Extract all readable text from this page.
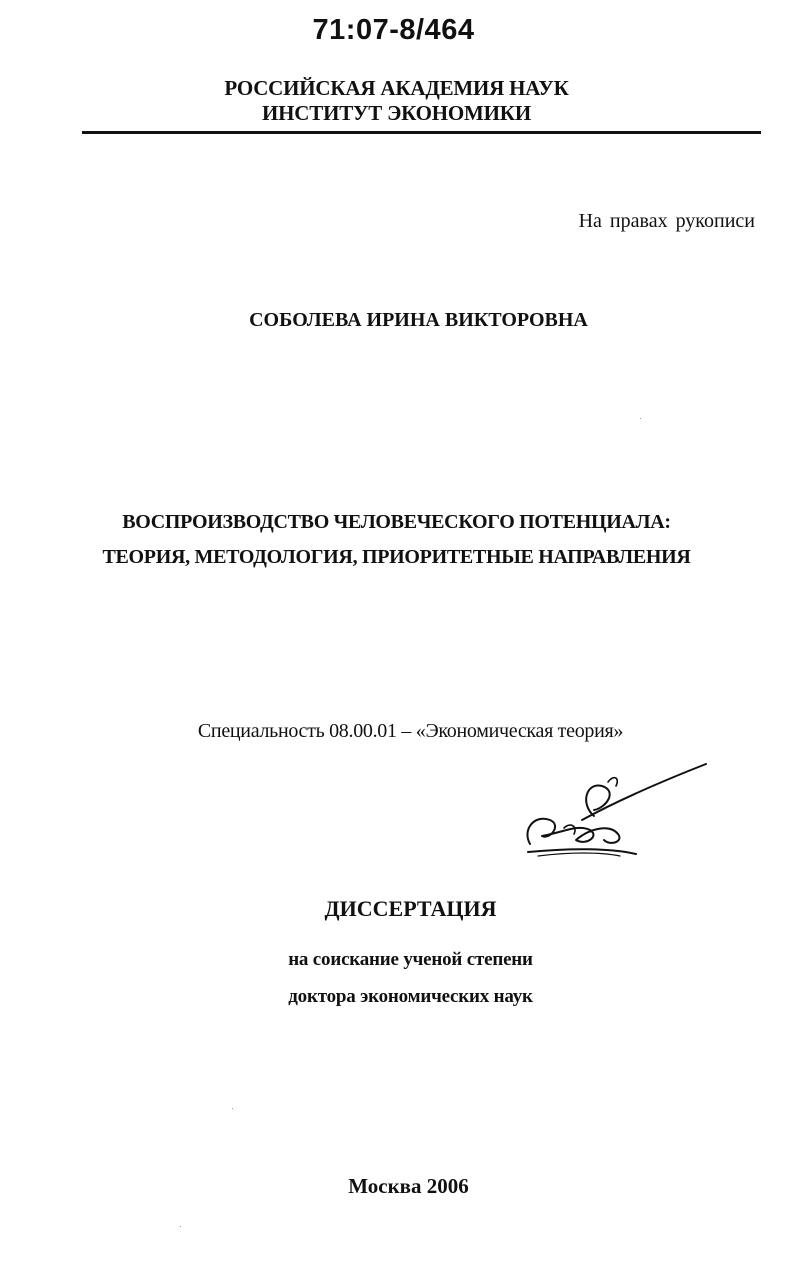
71:07-8/464
РОССИЙСКАЯ АКАДЕМИЯ НАУК
ИНСТИТУТ ЭКОНОМИКИ
На правах рукописи
СОБОЛЕВА ИРИНА ВИКТОРОВНА
ВОСПРОИЗВОДСТВО ЧЕЛОВЕЧЕСКОГО ПОТЕНЦИАЛА:
ТЕОРИЯ, МЕТОДОЛОГИЯ, ПРИОРИТЕТНЫЕ НАПРАВЛЕНИЯ
Специальность 08.00.01 – «Экономическая теория»
ДИССЕРТАЦИЯ
на соискание ученой степени
доктора экономических наук
Москва 2006
